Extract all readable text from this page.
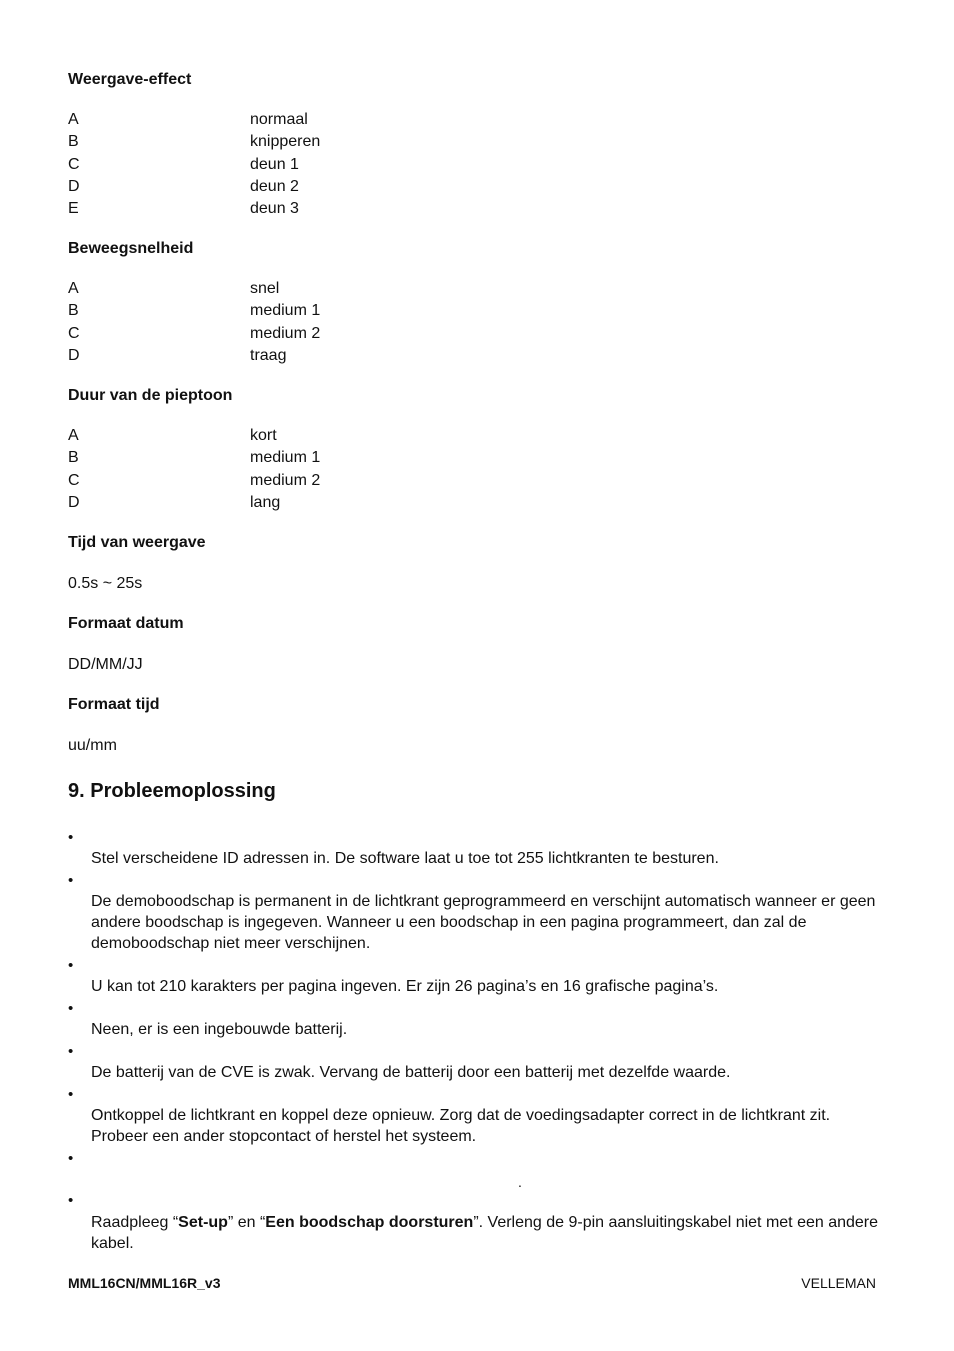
Weergave-effect
A	normaal
B	knipperen
C	deun 1
D	deun 2
E	deun 3
Beweegsnelheid
A	snel
B	medium 1
C	medium 2
D	traag
Duur van de pieptoon
A	kort
B	medium 1
C	medium 2
D	lang
Tijd van weergave
0.5s ~ 25s
Formaat datum
DD/MM/JJ
Formaat tijd
uu/mm
9. Probleemoplossing
•
Stel verscheidene ID adressen in. De software laat u toe tot 255 lichtkranten te besturen.
•
De demoboodschap is permanent in de lichtkrant geprogrammeerd en verschijnt automatisch wanneer er geen andere boodschap is ingegeven. Wanneer u een boodschap in een pagina programmeert, dan zal de demoboodschap niet meer verschijnen.
•
U kan tot 210 karakters per pagina ingeven. Er zijn 26 pagina’s en 16 grafische pagina’s.
•
Neen, er is een ingebouwde batterij.
•
De batterij van de CVE is zwak. Vervang de batterij door een batterij met dezelfde waarde.
•
Ontkoppel de lichtkrant en koppel deze opnieuw. Zorg dat de voedingsadapter correct in de lichtkrant zit. Probeer een ander stopcontact of herstel het systeem.
•
.
•
Raadpleeg “Set-up” en “Een boodschap doorsturen”. Verleng de 9-pin aansluitingskabel niet met een andere kabel.
MML16CN/MML16R_v3	VELLEMAN
